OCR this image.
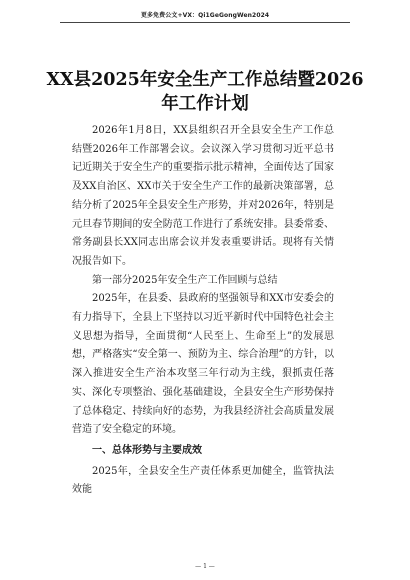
更多免费公文+VX：Qi1GeGongWen2024
XX县2025年安全生产工作总结暨2026
年工作计划

2026年1月8日，XX县组织召开全县安全生产工作总结暨2026年工作部署会议。会议深入学习贯彻习近平总书记近期关于安全生产的重要指示批示精神，全面传达了国家及XX自治区、XX市关于安全生产工作的最新决策部署，总结分析了2025年全县安全生产形势，并对2026年，特别是元旦春节期间的安全防范工作进行了系统安排。县委常委、常务副县长XX同志出席会议并发表重要讲话。现将有关情况报告如下。

第一部分2025年安全生产工作回顾与总结

2025年，在县委、县政府的坚强领导和XX市安委会的有力指导下，全县上下坚持以习近平新时代中国特色社会主义思想为指导，全面贯彻“人民至上、生命至上”的发展思想，严格落实“安全第一、预防为主、综合治理”的方针，以深入推进安全生产治本攻坚三年行动为主线，狠抓责任落实、深化专项整治、强化基础建设，全县安全生产形势保持了总体稳定、持续向好的态势，为我县经济社会高质量发展营造了安全稳定的环境。

一、总体形势与主要成效

2025年，全县安全生产责任体系更加健全，监管执法效能

— 1 —
